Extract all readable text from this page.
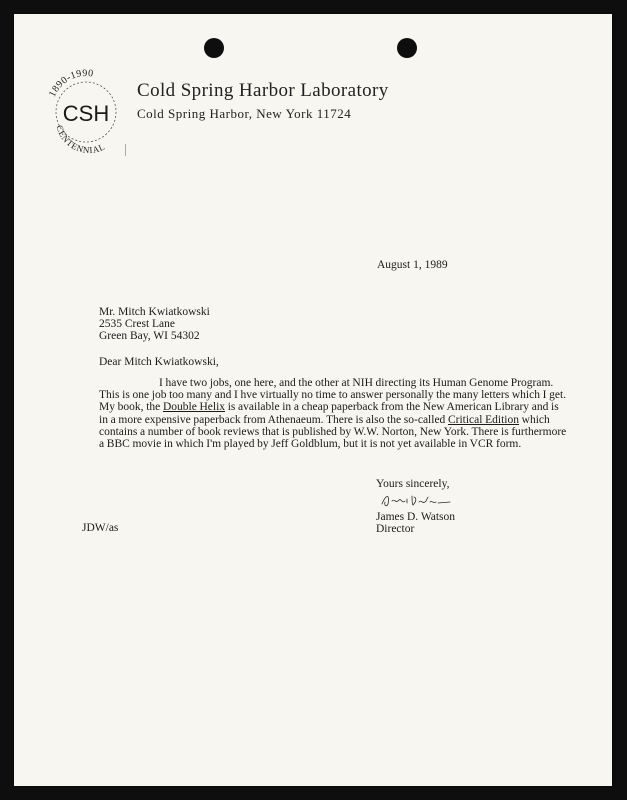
1890-1990
CSH
CENTENNIAL
Cold Spring Harbor Laboratory
Cold Spring Harbor, New York 11724
August 1, 1989
Mr. Mitch Kwiatkowski
2535 Crest Lane
Green Bay, WI 54302
Dear Mitch Kwiatkowski,
I have two jobs, one here, and the other at NIH directing its Human Genome Program. This is one job too many and I hve virtually no time to answer personally the many letters which I get. My book, the Double Helix is available in a cheap paperback from the New American Library and is in a more expensive paperback from Athenaeum. There is also the so-called Critical Edition which contains a number of book reviews that is published by W.W. Norton, New York. There is furthermore a BBC movie in which I'm played by Jeff Goldblum, but it is not yet available in VCR form.
Yours sincerely,
James D. Watson
Director
JDW/as
